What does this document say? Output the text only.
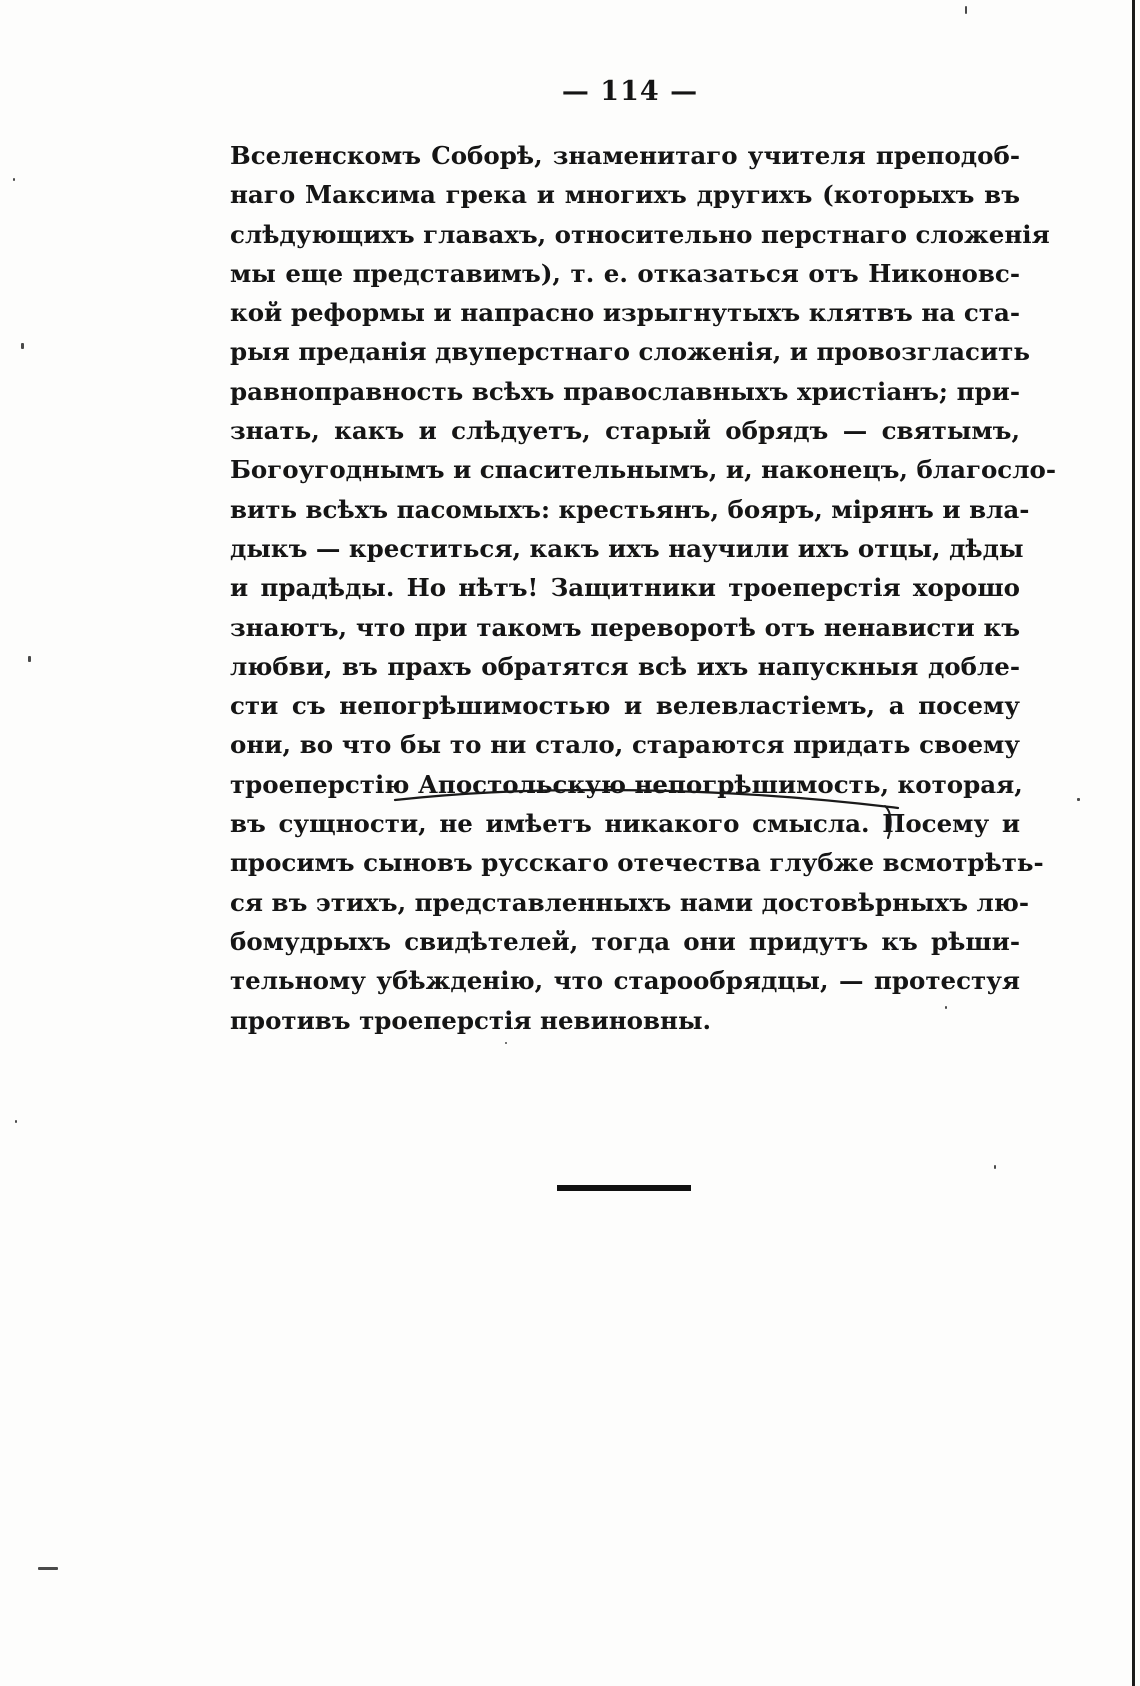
— 114 —
Вселенскомъ Соборѣ, знаменитаго учителя преподоб-
наго Максима грека и многихъ другихъ (которыхъ въ
слѣдующихъ главахъ, относительно перстнаго сложенія
мы еще представимъ), т. е. отказаться отъ Никоновс-
кой реформы и напрасно изрыгнутыхъ клятвъ на ста-
рыя преданія двуперстнаго сложенія, и провозгласить
равноправность всѣхъ православныхъ христіанъ; при-
знать, какъ и слѣдуетъ, старый обрядъ — святымъ,
Богоугоднымъ и спасительнымъ, и, наконецъ, благосло-
вить всѣхъ пасомыхъ: крестьянъ, бояръ, мірянъ и вла-
дыкъ — креститься, какъ ихъ научили ихъ отцы, дѣды
и прадѣды. Но нѣтъ! Защитники троеперстія хорошо
знаютъ, что при такомъ переворотѣ отъ ненависти къ
любви, въ прахъ обратятся всѣ ихъ напускныя добле-
сти съ непогрѣшимостью и велевластіемъ, а посему
они, во что бы то ни стало, стараются придать своему
троеперстію Апостольскую непогрѣшимость, которая,
въ сущности, не имѣетъ никакого смысла. Посему и
просимъ сыновъ русскаго отечества глубже всмотрѣть-
ся въ этихъ, представленныхъ нами достовѣрныхъ лю-
бомудрыхъ свидѣтелей, тогда они придутъ къ рѣши-
тельному убѣжденію, что старообрядцы, — протестуя
противъ троеперстія невиновны.
